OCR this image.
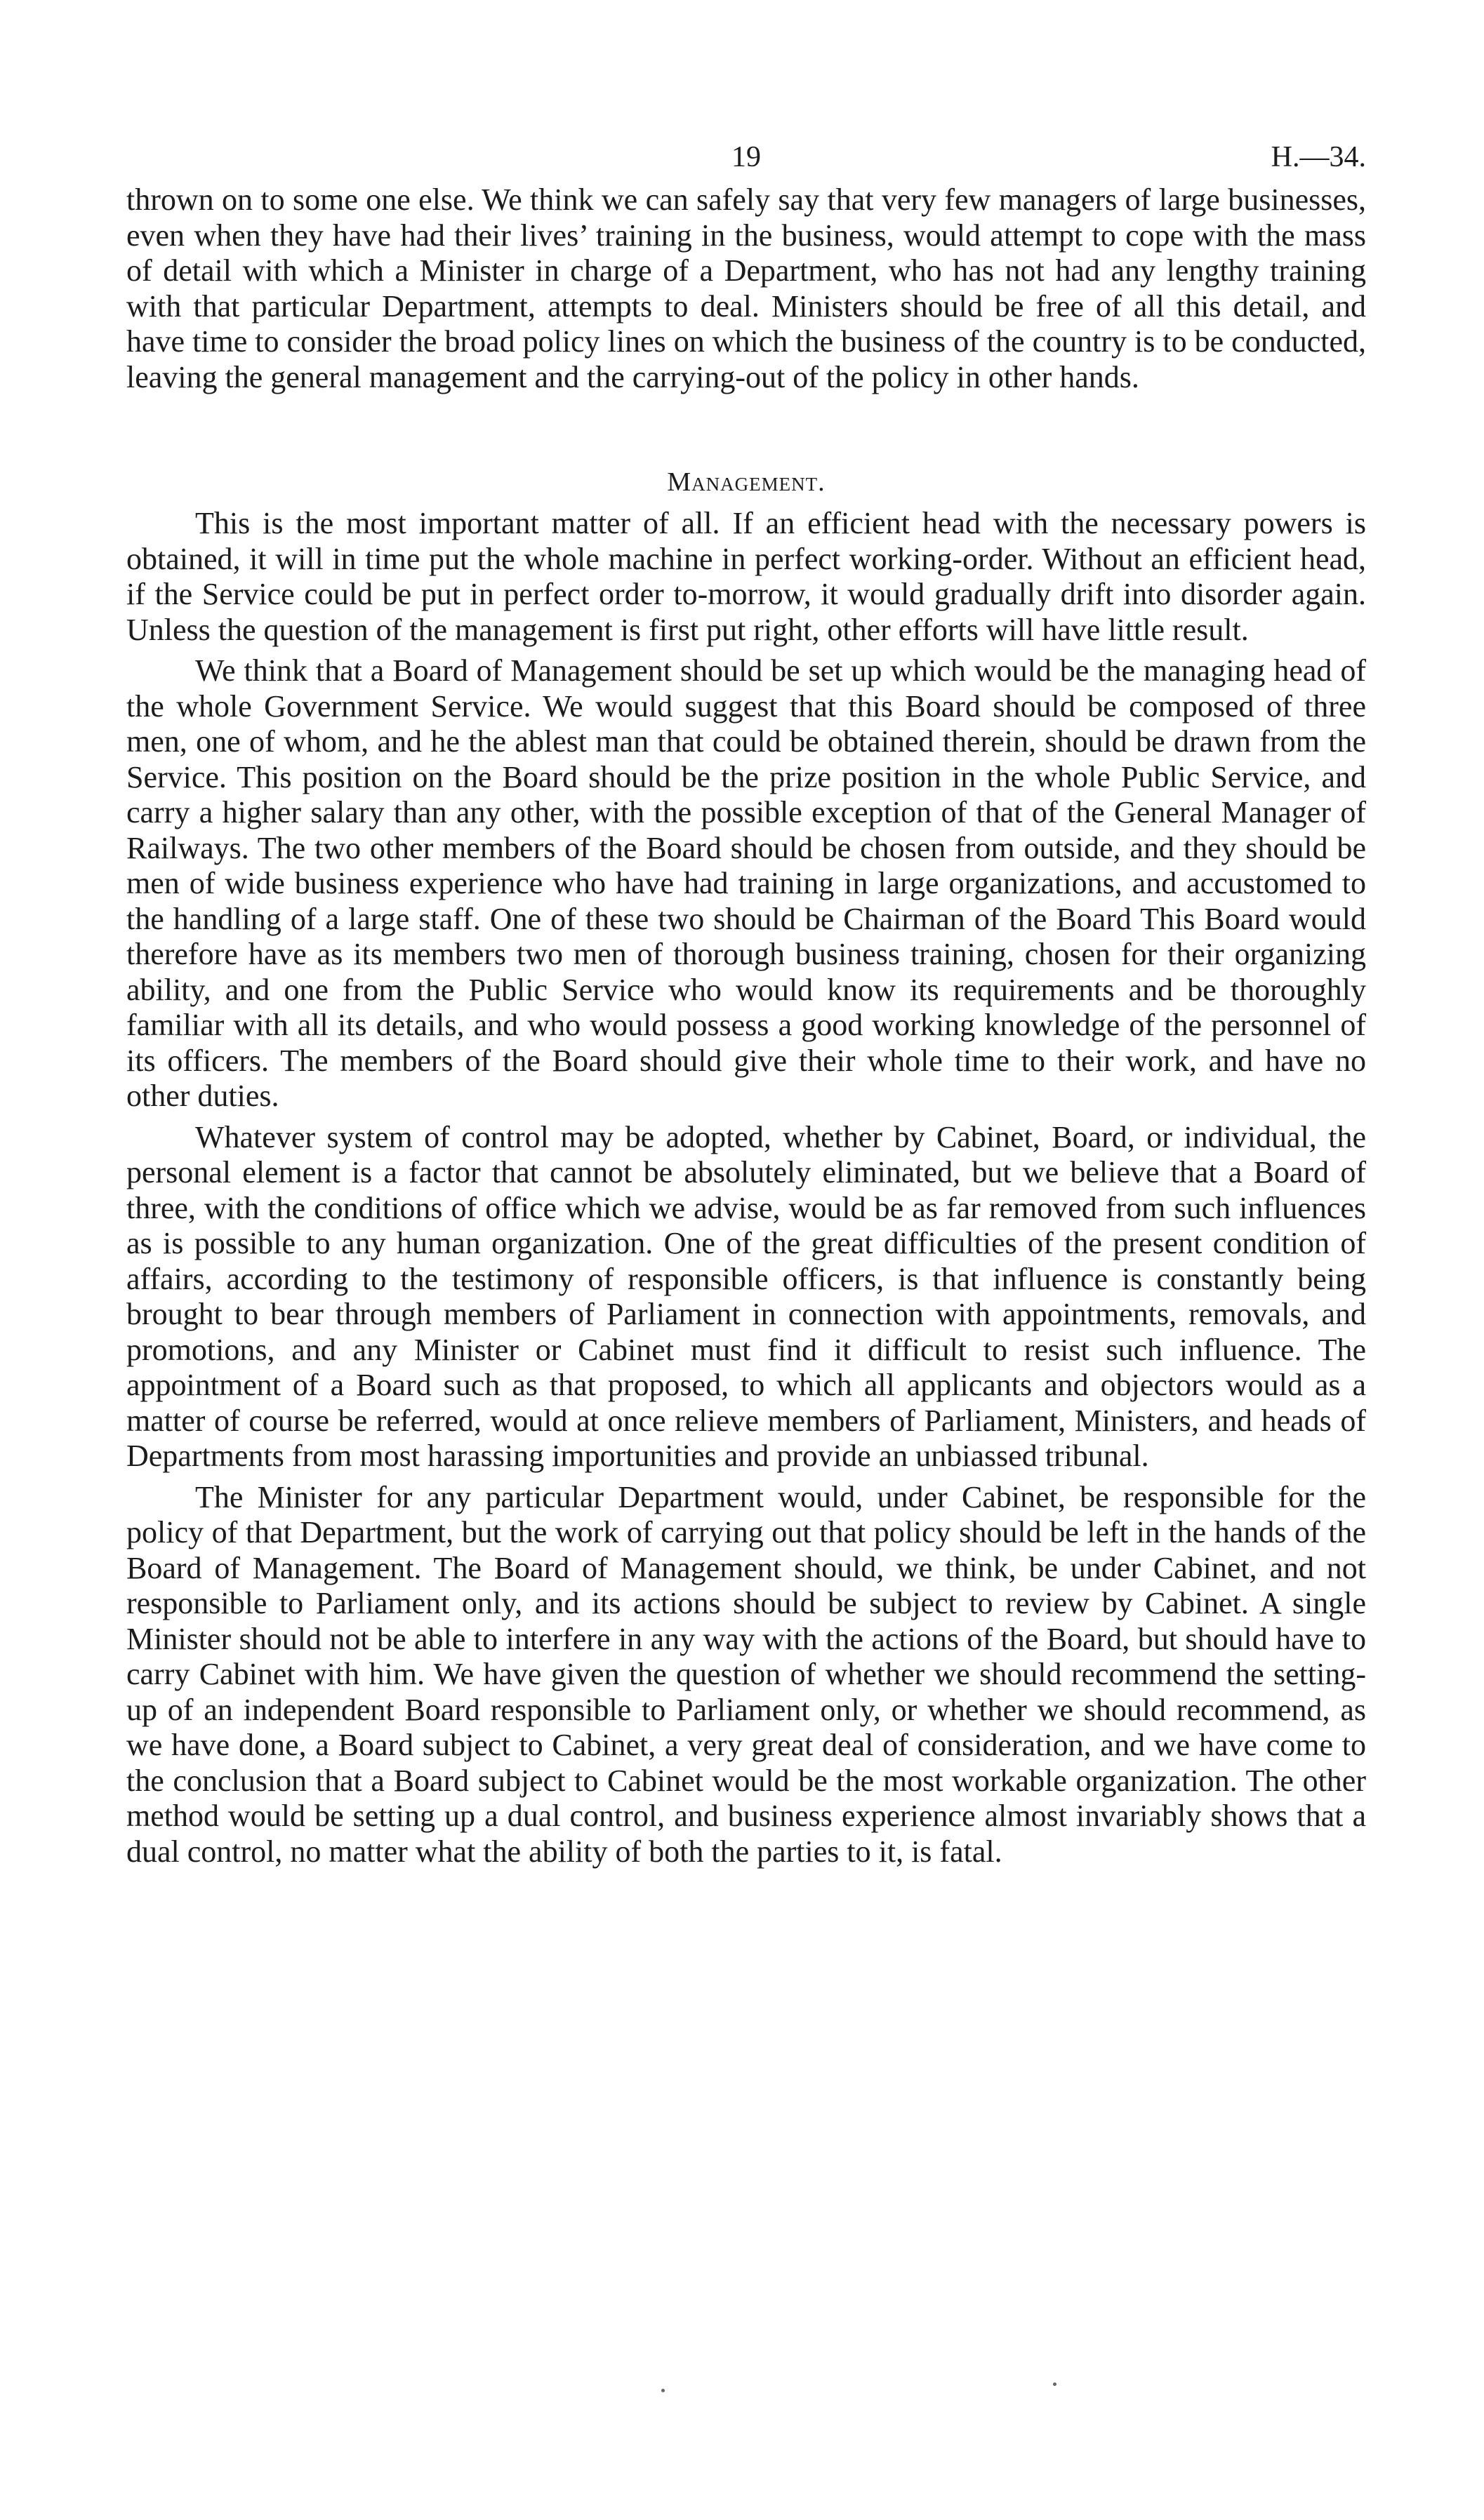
19	H.—34.

thrown on to some one else. We think we can safely say that very few managers of large businesses, even when they have had their lives’ training in the business, would attempt to cope with the mass of detail with which a Minister in charge of a Department, who has not had any lengthy training with that particular Department, attempts to deal. Ministers should be free of all this detail, and have time to consider the broad policy lines on which the business of the country is to be conducted, leaving the general management and the carrying-out of the policy in other hands.

Management.

This is the most important matter of all. If an efficient head with the necessary powers is obtained, it will in time put the whole machine in perfect working-order. Without an efficient head, if the Service could be put in perfect order to-morrow, it would gradually drift into disorder again. Unless the question of the management is first put right, other efforts will have little result.

We think that a Board of Management should be set up which would be the managing head of the whole Government Service. We would suggest that this Board should be composed of three men, one of whom, and he the ablest man that could be obtained therein, should be drawn from the Service. This position on the Board should be the prize position in the whole Public Service, and carry a higher salary than any other, with the possible exception of that of the General Manager of Railways. The two other members of the Board should be chosen from outside, and they should be men of wide business experience who have had training in large organizations, and accustomed to the handling of a large staff. One of these two should be Chairman of the Board This Board would therefore have as its members two men of thorough business training, chosen for their organizing ability, and one from the Public Service who would know its requirements and be thoroughly familiar with all its details, and who would possess a good working knowledge of the personnel of its officers. The members of the Board should give their whole time to their work, and have no other duties.

Whatever system of control may be adopted, whether by Cabinet, Board, or individual, the personal element is a factor that cannot be absolutely eliminated, but we believe that a Board of three, with the conditions of office which we advise, would be as far removed from such influences as is possible to any human organization. One of the great difficulties of the present condition of affairs, according to the testimony of responsible officers, is that influence is constantly being brought to bear through members of Parliament in connection with appointments, removals, and promotions, and any Minister or Cabinet must find it difficult to resist such influence. The appointment of a Board such as that proposed, to which all applicants and objectors would as a matter of course be referred, would at once relieve members of Parliament, Ministers, and heads of Departments from most harassing importunities and provide an unbiassed tribunal.

The Minister for any particular Department would, under Cabinet, be responsible for the policy of that Department, but the work of carrying out that policy should be left in the hands of the Board of Management. The Board of Management should, we think, be under Cabinet, and not responsible to Parliament only, and its actions should be subject to review by Cabinet. A single Minister should not be able to interfere in any way with the actions of the Board, but should have to carry Cabinet with him. We have given the question of whether we should recommend the setting-up of an independent Board responsible to Parliament only, or whether we should recommend, as we have done, a Board subject to Cabinet, a very great deal of consideration, and we have come to the conclusion that a Board subject to Cabinet would be the most workable organization. The other method would be setting up a dual control, and business experience almost invariably shows that a dual control, no matter what the ability of both the parties to it, is fatal.
